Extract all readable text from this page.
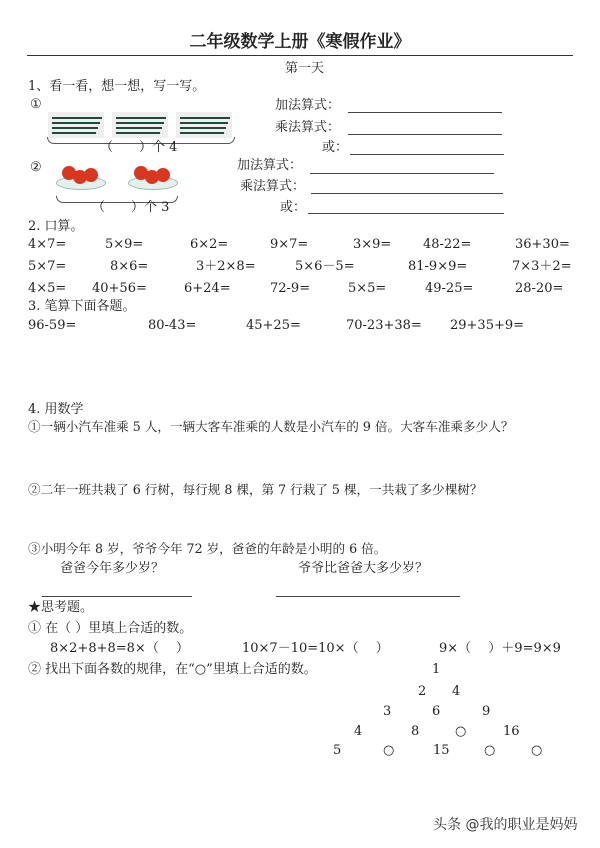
二年级数学上册《寒假作业》
第一天
1、看一看，想一想，写一写。
①
（　　）个 4
加法算式：
乘法算式：
或：
②
（　　）个 3
加法算式：
乘法算式：
或：
2. 口算。
4×7=	5×9=	6×2=	9×7=	3×9= 48-22=	36+30=
5×7=	8×6=	3＋2×8=	5×6－5=	81-9×9=	7×3＋2=
4×5= 40+56=	6+24=	72-9=	5×5=	49-25=	28-20=
3. 笔算下面各题。
96-59=	80-43=	45+25=	70-23+38= 29+35+9=
4. 用数学
①一辆小汽车准乘 5 人，一辆大客车准乘的人数是小汽车的 9 倍。大客车准乘多少人？
②二年一班共栽了 6 行树，每行规 8 棵，第 7 行栽了 5 棵，一共栽了多少棵树？
③小明今年 8 岁，爷爷今年 72 岁，爸爸的年龄是小明的 6 倍。
爸爸今年多少岁？	爷爷比爸爸大多少岁？
★思考题。
① 在（ ）里填上合适的数。
8×2+8+8=8×（　 ）	10×7－10=10×（　 ）	9×（　 ）＋9=9×9
② 找出下面各数的规律，在“○”里填上合适的数。	1
2 4
3	6	9
4	8	○	16
5	○	15	○	○
头条 @我的职业是妈妈
